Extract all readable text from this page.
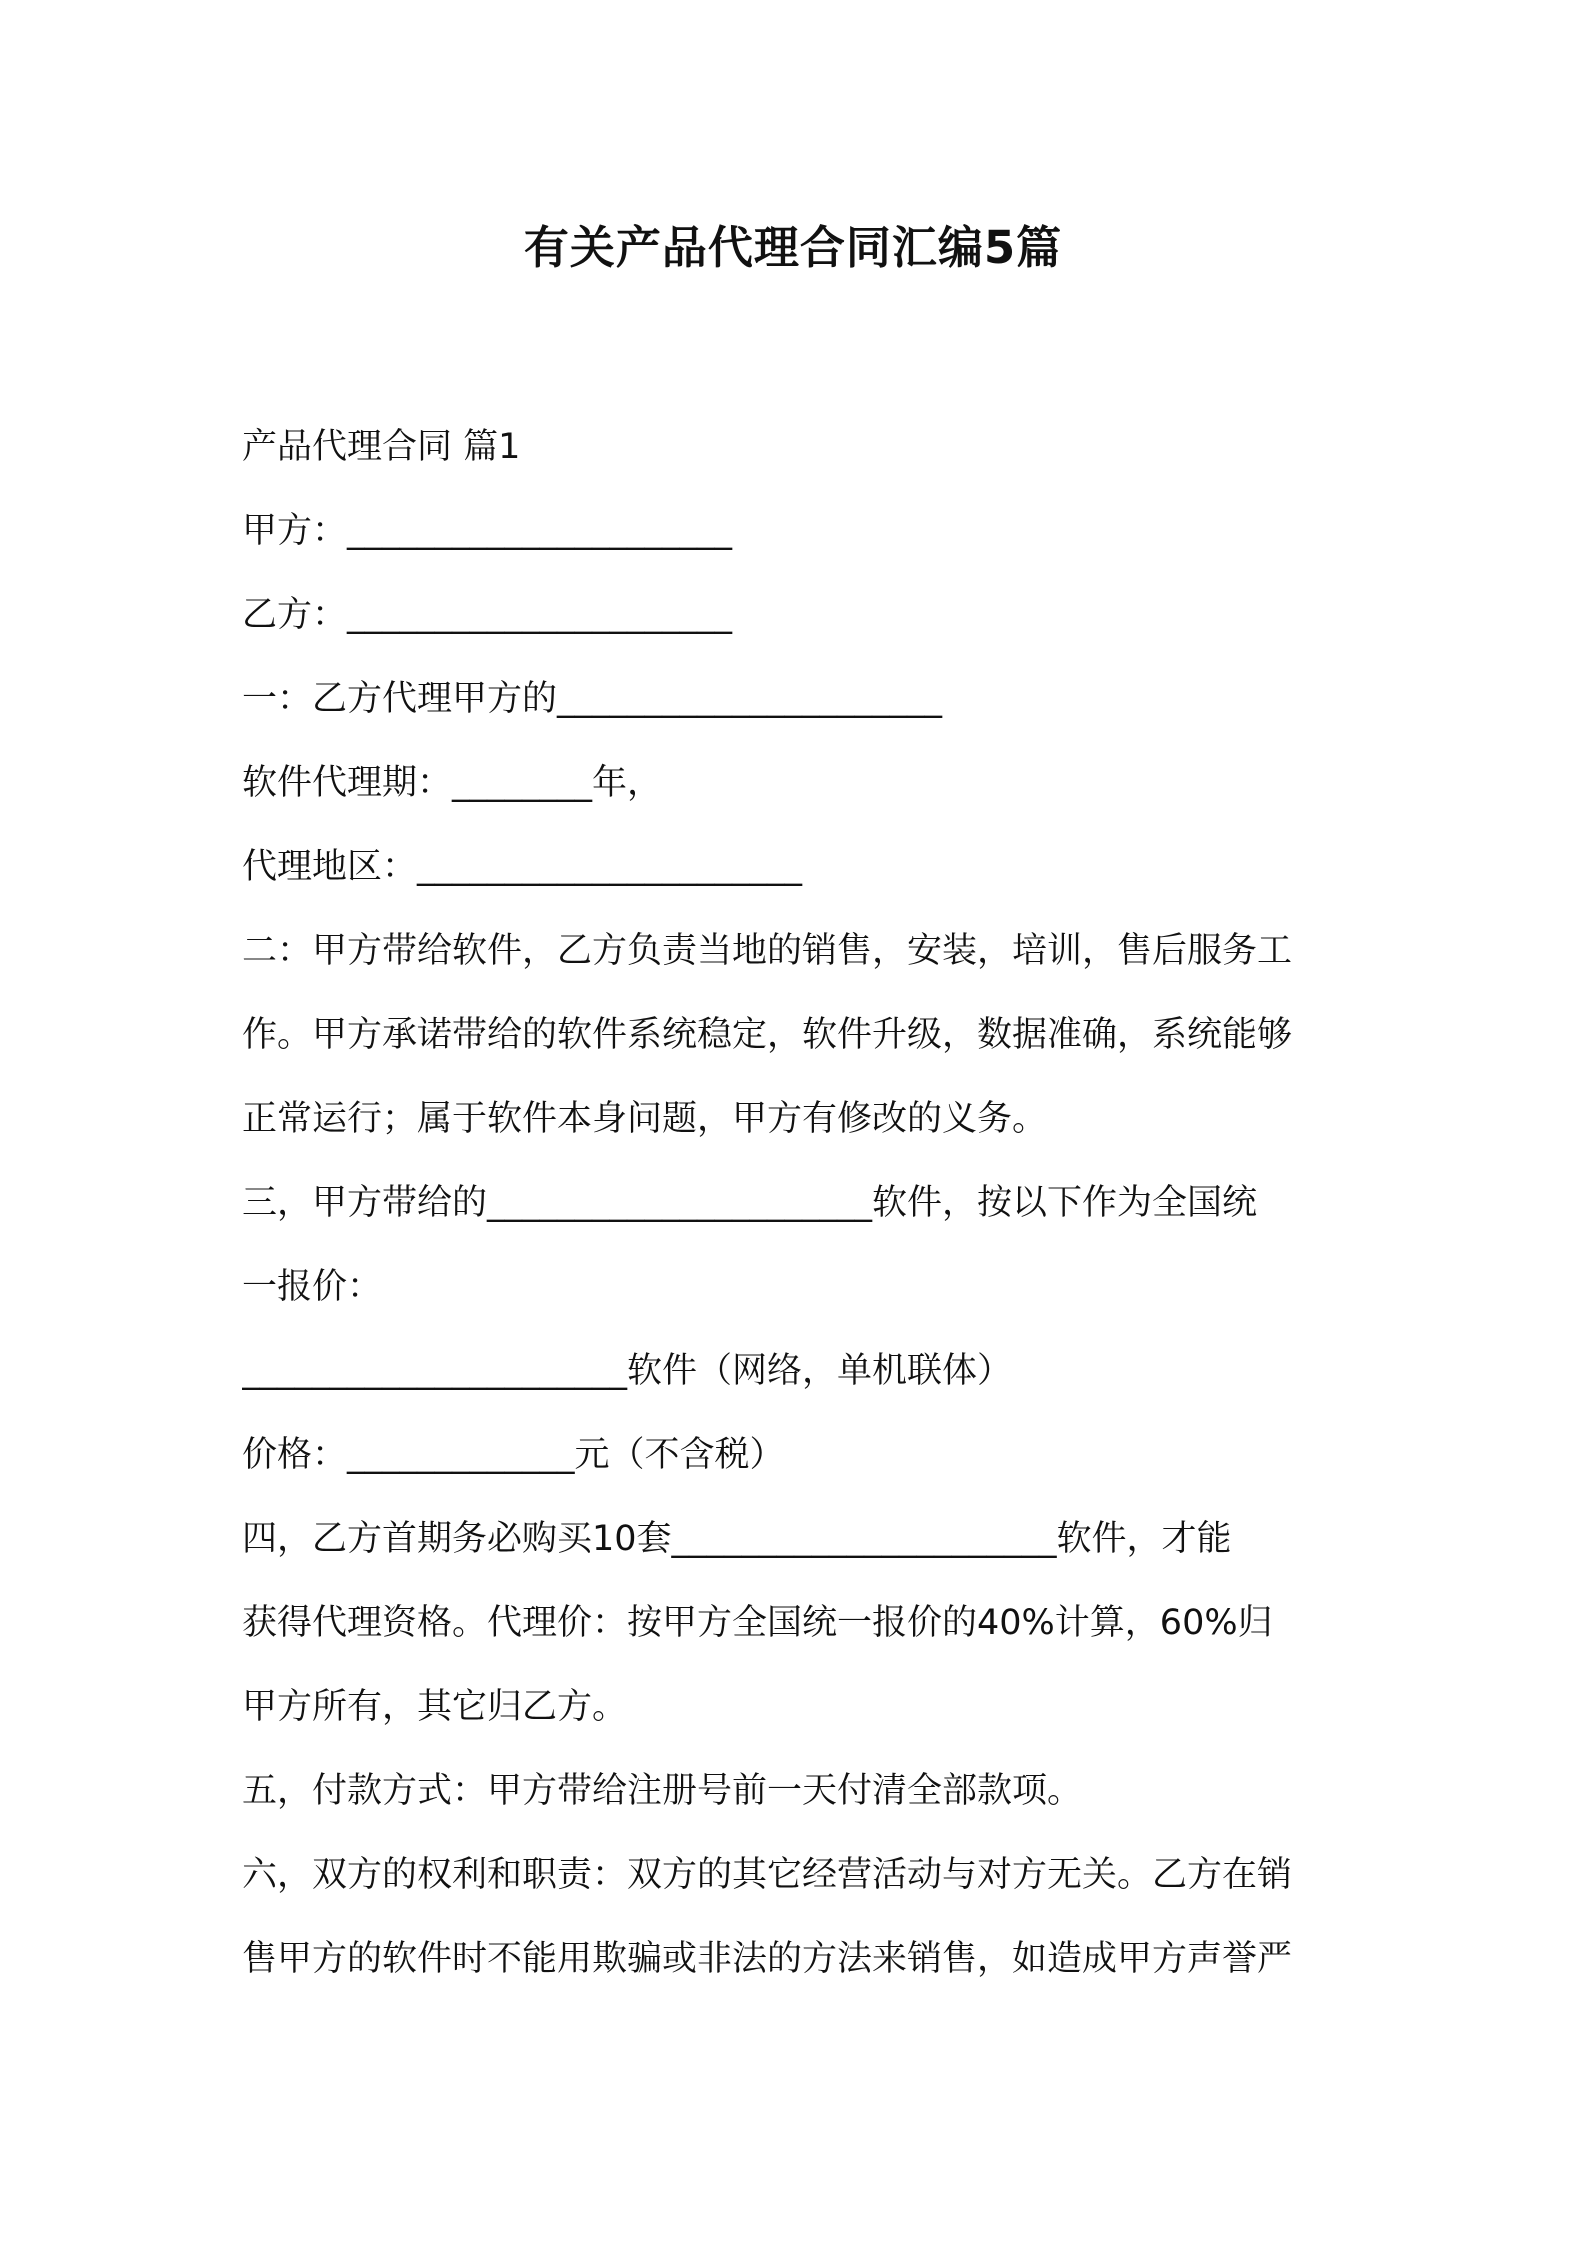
有关产品代理合同汇编5篇
产品代理合同 篇1
甲方：______________________
乙方：______________________
一：乙方代理甲方的______________________
软件代理期：________年，
代理地区：______________________
二：甲方带给软件，乙方负责当地的销售，安装，培训，售后服务工
作。甲方承诺带给的软件系统稳定，软件升级，数据准确，系统能够
正常运行；属于软件本身问题，甲方有修改的义务。
三，甲方带给的______________________软件，按以下作为全国统
一报价：
______________________软件（网络，单机联体）
价格：_____________元（不含税）
四，乙方首期务必购买10套______________________软件，才能
获得代理资格。代理价：按甲方全国统一报价的40%计算，60%归
甲方所有，其它归乙方。
五，付款方式：甲方带给注册号前一天付清全部款项。
六，双方的权利和职责：双方的其它经营活动与对方无关。乙方在销
售甲方的软件时不能用欺骗或非法的方法来销售，如造成甲方声誉严
